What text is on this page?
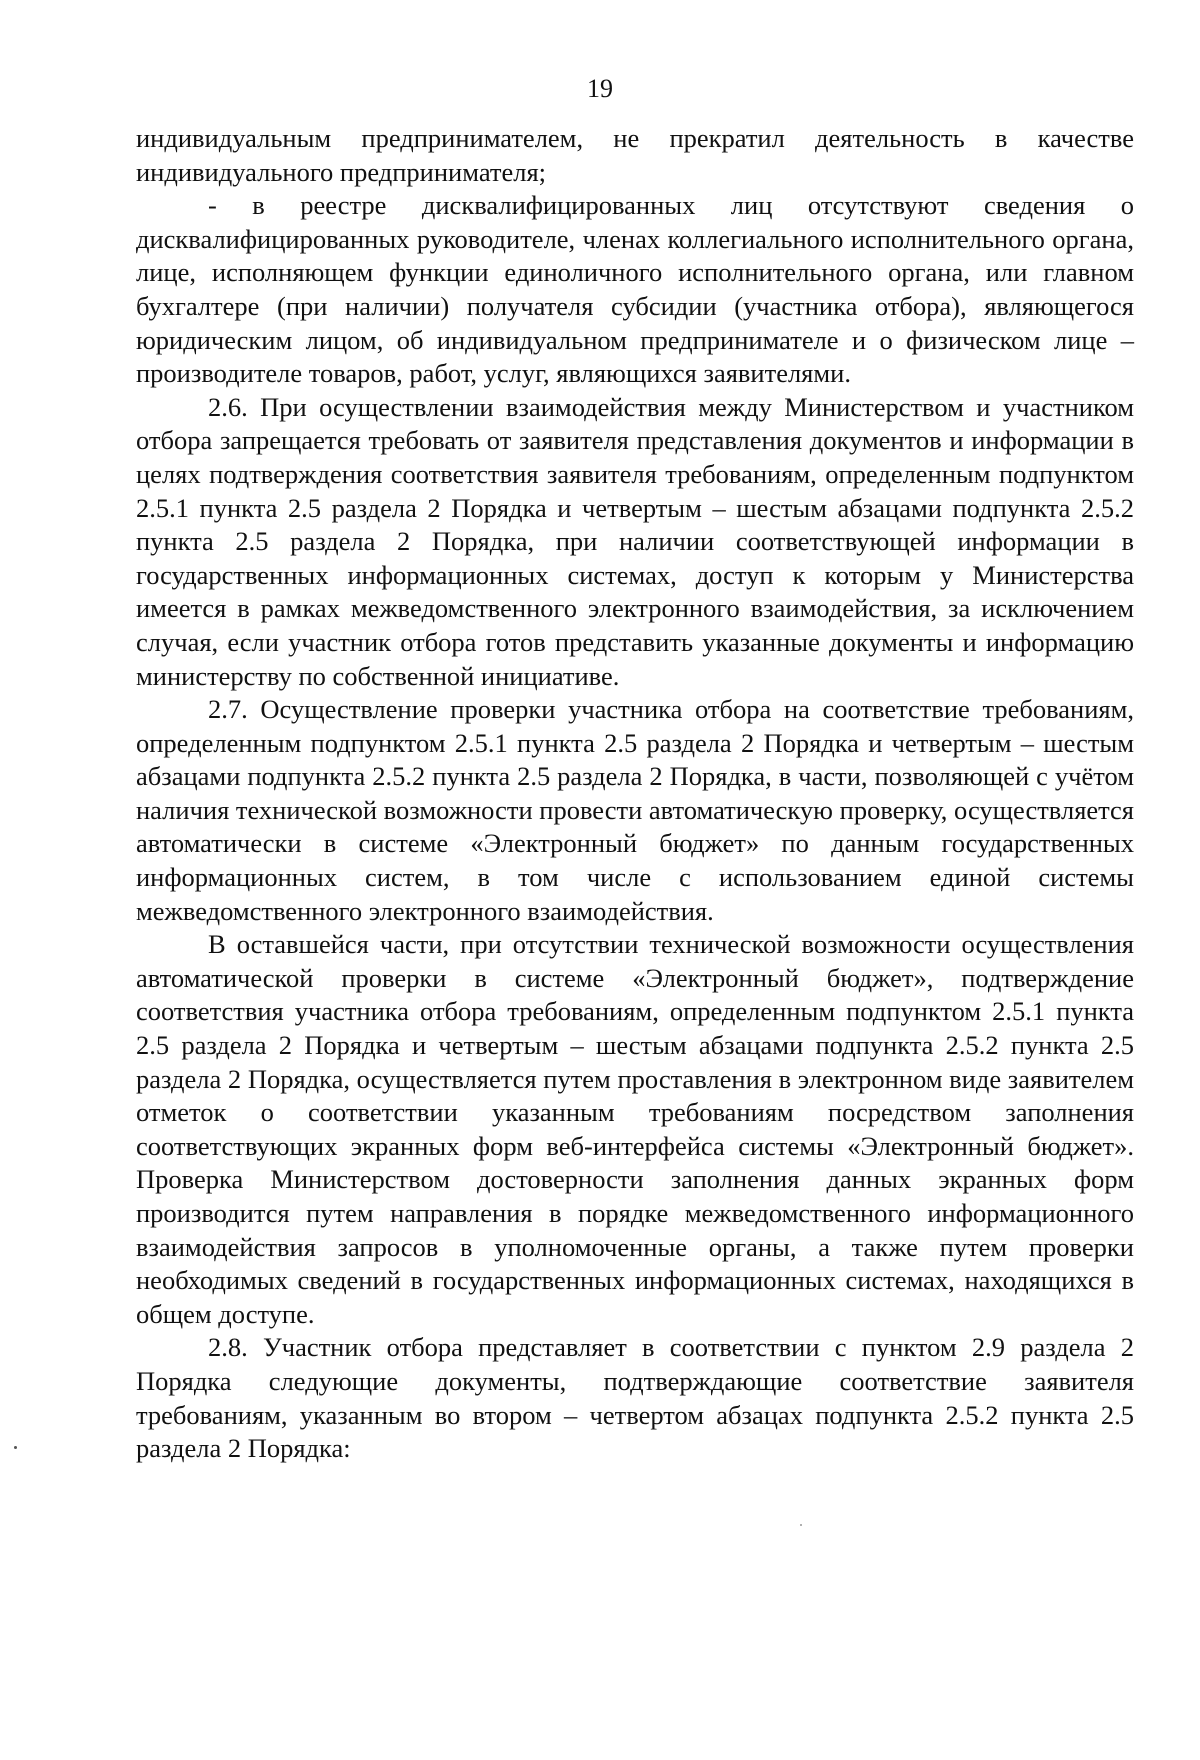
19

индивидуальным предпринимателем, не прекратил деятельность в качестве индивидуального предпринимателя;

- в реестре дисквалифицированных лиц отсутствуют сведения о дисквалифицированных руководителе, членах коллегиального исполнительного органа, лице, исполняющем функции единоличного исполнительного органа, или главном бухгалтере (при наличии) получателя субсидии (участника отбора), являющегося юридическим лицом, об индивидуальном предпринимателе и о физическом лице – производителе товаров, работ, услуг, являющихся заявителями.

2.6. При осуществлении взаимодействия между Министерством и участником отбора запрещается требовать от заявителя представления документов и информации в целях подтверждения соответствия заявителя требованиям, определенным подпунктом 2.5.1 пункта 2.5 раздела 2 Порядка и четвертым – шестым абзацами подпункта 2.5.2 пункта 2.5 раздела 2 Порядка, при наличии соответствующей информации в государственных информационных системах, доступ к которым у Министерства имеется в рамках межведомственного электронного взаимодействия, за исключением случая, если участник отбора готов представить указанные документы и информацию министерству по собственной инициативе.

2.7. Осуществление проверки участника отбора на соответствие требованиям, определенным подпунктом 2.5.1 пункта 2.5 раздела 2 Порядка и четвертым – шестым абзацами подпункта 2.5.2 пункта 2.5 раздела 2 Порядка, в части, позволяющей с учётом наличия технической возможности провести автоматическую проверку, осуществляется автоматически в системе «Электронный бюджет» по данным государственных информационных систем, в том числе с использованием единой системы межведомственного электронного взаимодействия.

В оставшейся части, при отсутствии технической возможности осуществления автоматической проверки в системе «Электронный бюджет», подтверждение соответствия участника отбора требованиям, определенным подпунктом 2.5.1 пункта 2.5 раздела 2 Порядка и четвертым – шестым абзацами подпункта 2.5.2 пункта 2.5 раздела 2 Порядка, осуществляется путем проставления в электронном виде заявителем отметок о соответствии указанным требованиям посредством заполнения соответствующих экранных форм веб-интерфейса системы «Электронный бюджет». Проверка Министерством достоверности заполнения данных экранных форм производится путем направления в порядке межведомственного информационного взаимодействия запросов в уполномоченные органы, а также путем проверки необходимых сведений в государственных информационных системах, находящихся в общем доступе.

2.8. Участник отбора представляет в соответствии с пунктом 2.9 раздела 2 Порядка следующие документы, подтверждающие соответствие заявителя требованиям, указанным во втором – четвертом абзацах подпункта 2.5.2 пункта 2.5 раздела 2 Порядка:
